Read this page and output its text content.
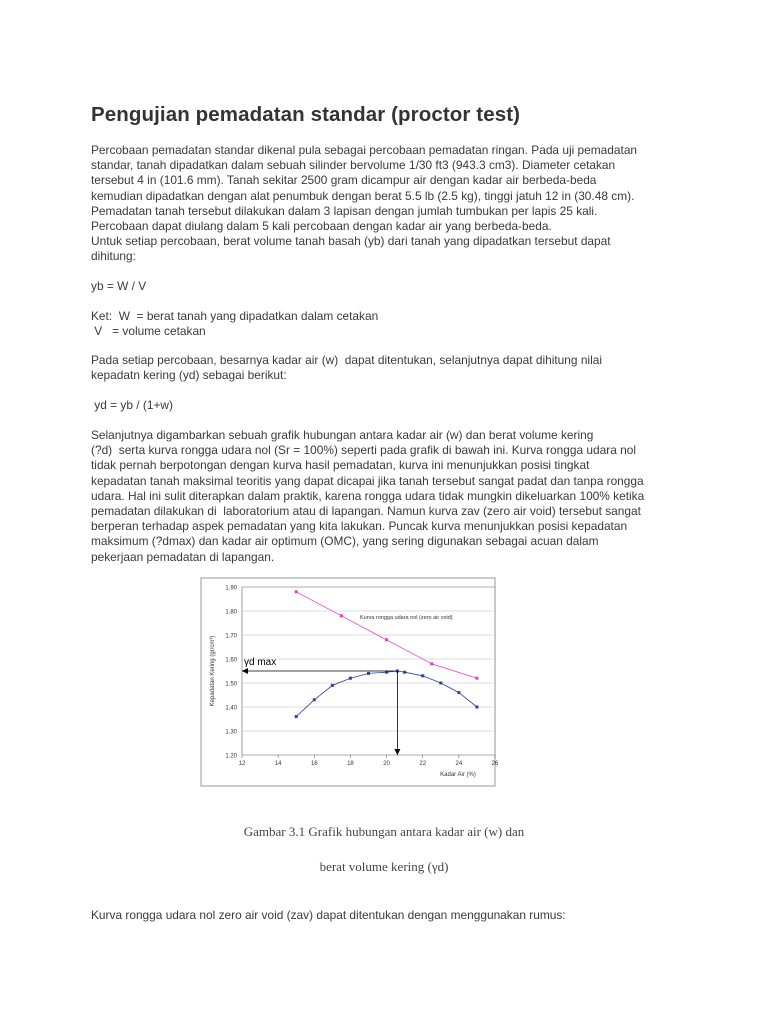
Pengujian pemadatan standar (proctor test)

Percobaan pemadatan standar dikenal pula sebagai percobaan pemadatan ringan. Pada uji pemadatan
standar, tanah dipadatkan dalam sebuah silinder bervolume 1/30 ft3 (943.3 cm3). Diameter cetakan
tersebut 4 in (101.6 mm). Tanah sekitar 2500 gram dicampur air dengan kadar air berbeda-beda
kemudian dipadatkan dengan alat penumbuk dengan berat 5.5 lb (2.5 kg), tinggi jatuh 12 in (30.48 cm).
Pemadatan tanah tersebut dilakukan dalam 3 lapisan dengan jumlah tumbukan per lapis 25 kali.
Percobaan dapat diulang dalam 5 kali percobaan dengan kadar air yang berbeda-beda.
Untuk setiap percobaan, berat volume tanah basah (yb) dari tanah yang dipadatkan tersebut dapat
dihitung:

yb = W / V

Ket:  W  = berat tanah yang dipadatkan dalam cetakan
V   = volume cetakan

Pada setiap percobaan, besarnya kadar air (w)  dapat ditentukan, selanjutnya dapat dihitung nilai
kepadatn kering (yd) sebagai berikut:

yd = yb / (1+w)

Selanjutnya digambarkan sebuah grafik hubungan antara kadar air (w) dan berat volume kering
(?d)  serta kurva rongga udara nol (Sr = 100%) seperti pada grafik di bawah ini. Kurva rongga udara nol
tidak pernah berpotongan dengan kurva hasil pemadatan, kurva ini menunjukkan posisi tingkat
kepadatan tanah maksimal teoritis yang dapat dicapai jika tanah tersebut sangat padat dan tanpa rongga
udara. Hal ini sulit diterapkan dalam praktik, karena rongga udara tidak mungkin dikeluarkan 100% ketika
pemadatan dilakukan di  laboratorium atau di lapangan. Namun kurva zav (zero air void) tersebut sangat
berperan terhadap aspek pemadatan yang kita lakukan. Puncak kurva menunjukkan posisi kepadatan
maksimum (?dmax) dan kadar air optimum (OMC), yang sering digunakan sebagai acuan dalam
pekerjaan pemadatan di lapangan.

1.20
1.30
1.40
1.50
1.60
1.70
1.80
1.90
12	14	16	18	20	22	24	26
Kadar Air (%)
Kepadatan Kering (gr/cm³)
Kurva rongga udara nol (zero air void)
γd max
Gambar 3.1 Grafik hubungan antara kadar air (w) dan
berat volume kering (γd)

Kurva rongga udara nol zero air void (zav) dapat ditentukan dengan menggunakan rumus:
